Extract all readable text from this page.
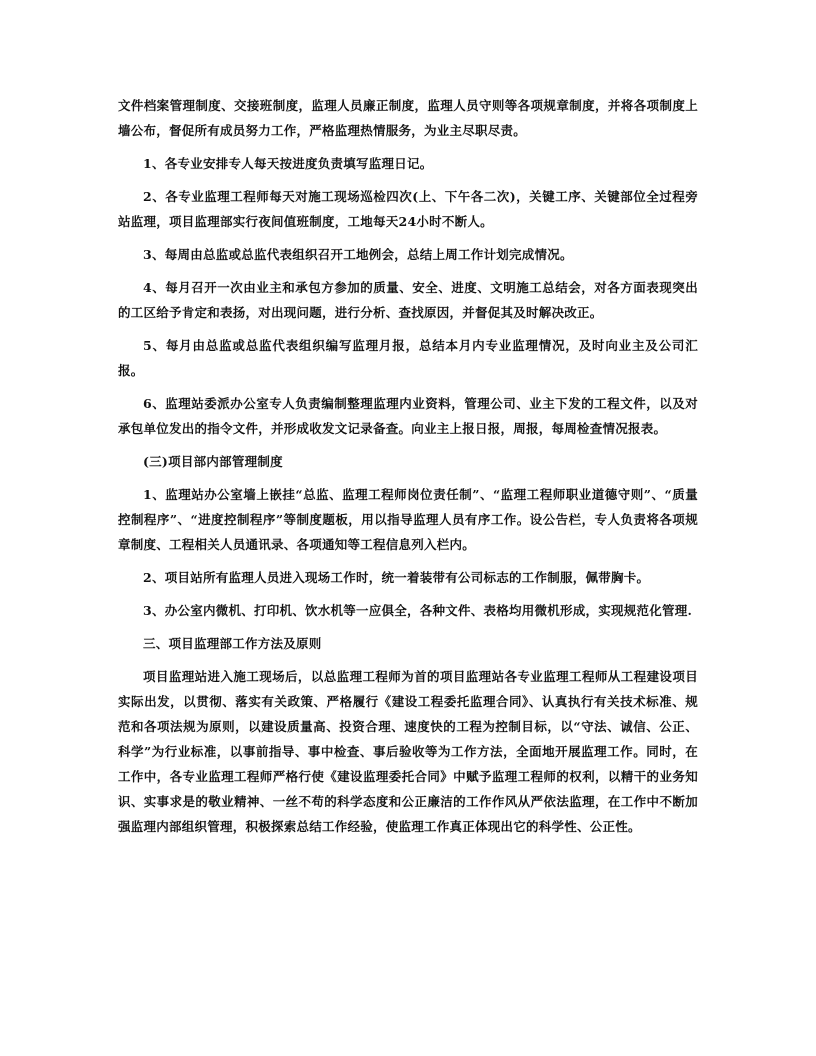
文件档案管理制度、交接班制度，监理人员廉正制度，监理人员守则等各项规章制度，并将各项制度上墙公布，督促所有成员努力工作，严格监理热情服务，为业主尽职尽责。

1、各专业安排专人每天按进度负责填写监理日记。

2、各专业监理工程师每天对施工现场巡检四次(上、下午各二次)，关键工序、关键部位全过程旁站监理，项目监理部实行夜间值班制度，工地每天24小时不断人。

3、每周由总监或总监代表组织召开工地例会，总结上周工作计划完成情况。

4、每月召开一次由业主和承包方参加的质量、安全、进度、文明施工总结会，对各方面表现突出的工区给予肯定和表扬，对出现问题，进行分析、查找原因，并督促其及时解决改正。

5、每月由总监或总监代表组织编写监理月报，总结本月内专业监理情况，及时向业主及公司汇报。

6、监理站委派办公室专人负责编制整理监理内业资料，管理公司、业主下发的工程文件，以及对承包单位发出的指令文件，并形成收发文记录备查。向业主上报日报，周报，每周检查情况报表。

(三)项目部内部管理制度

1、监理站办公室墙上嵌挂“总监、监理工程师岗位责任制”、“监理工程师职业道德守则”、“质量控制程序”、“进度控制程序”等制度题板，用以指导监理人员有序工作。设公告栏，专人负责将各项规章制度、工程相关人员通讯录、各项通知等工程信息列入栏内。

2、项目站所有监理人员进入现场工作时，统一着装带有公司标志的工作制服，佩带胸卡。

3、办公室内微机、打印机、饮水机等一应俱全，各种文件、表格均用微机形成，实现规范化管理.

三、项目监理部工作方法及原则

项目监理站进入施工现场后，以总监理工程师为首的项目监理站各专业监理工程师从工程建设项目实际出发，以贯彻、落实有关政策、严格履行《建设工程委托监理合同》、认真执行有关技术标准、规范和各项法规为原则，以建设质量高、投资合理、速度快的工程为控制目标，以“守法、诚信、公正、科学”为行业标准，以事前指导、事中检查、事后验收等为工作方法，全面地开展监理工作。同时，在工作中，各专业监理工程师严格行使《建设监理委托合同》中赋予监理工程师的权利，以精干的业务知识、实事求是的敬业精神、一丝不苟的科学态度和公正廉洁的工作作风从严依法监理，在工作中不断加强监理内部组织管理，积极探索总结工作经验，使监理工作真正体现出它的科学性、公正性。
